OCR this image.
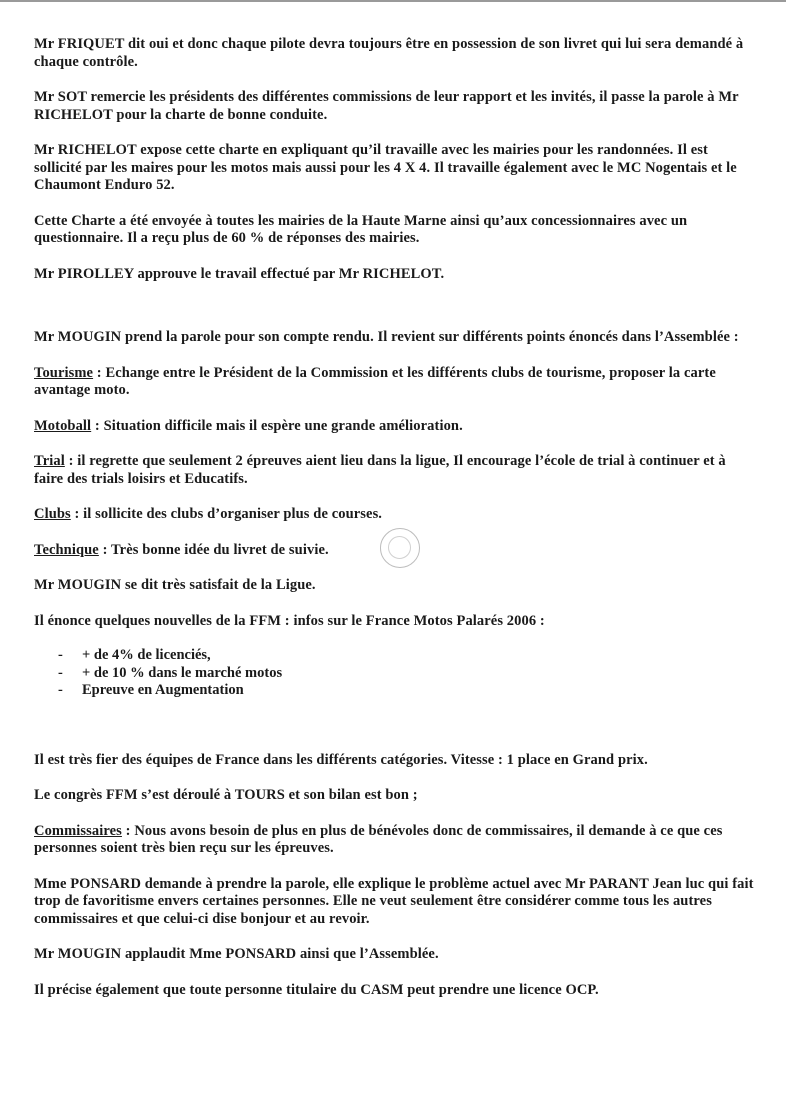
Mr FRIQUET dit oui et donc chaque pilote devra toujours être en possession de son livret qui lui sera demandé à chaque contrôle.

Mr SOT remercie les présidents des différentes commissions de leur rapport et les invités, il passe la parole à Mr RICHELOT pour la charte de bonne conduite.

Mr RICHELOT expose cette charte en expliquant qu’il travaille avec les mairies pour les randonnées. Il est sollicité par les maires pour les motos mais aussi pour les 4 X 4. Il travaille également avec le MC Nogentais et le Chaumont Enduro 52.

Cette Charte a été envoyée à toutes les mairies de la Haute Marne ainsi qu’aux concessionnaires avec un questionnaire. Il a reçu plus de 60 % de réponses des mairies.

Mr PIROLLEY approuve le travail effectué par Mr RICHELOT.

Mr MOUGIN prend la parole pour son compte rendu. Il revient sur différents points énoncés dans l’Assemblée :

Tourisme : Echange entre le Président de la Commission et les différents clubs de tourisme, proposer la carte avantage moto.

Motoball : Situation difficile mais il espère une grande amélioration.

Trial : il regrette que seulement 2 épreuves aient lieu dans la ligue, Il encourage l’école de trial à continuer et à faire des trials loisirs et Educatifs.

Clubs : il sollicite des clubs d’organiser plus de courses.

Technique : Très bonne idée du livret de suivie.

Mr MOUGIN se dit très satisfait de la Ligue.

Il énonce quelques nouvelles de la FFM : infos sur le France Motos Palarés 2006 :

- + de 4% de licenciés,
- + de 10 % dans le marché motos
- Epreuve en Augmentation

Il est très fier des équipes de France dans les différents catégories. Vitesse : 1 place en Grand prix.

Le congrès FFM s’est déroulé à TOURS et son bilan est bon ;

Commissaires : Nous avons besoin de plus en plus de bénévoles donc de commissaires, il demande à ce que ces personnes soient très bien reçu sur les épreuves.

Mme PONSARD demande à prendre la parole, elle explique le problème actuel avec Mr PARANT Jean luc qui fait trop de favoritisme envers certaines personnes. Elle ne veut seulement être considérer comme tous les autres commissaires et que celui-ci dise bonjour et au revoir.

Mr MOUGIN applaudit Mme PONSARD ainsi que l’Assemblée.

Il précise également que toute personne titulaire du CASM peut prendre une licence OCP.
